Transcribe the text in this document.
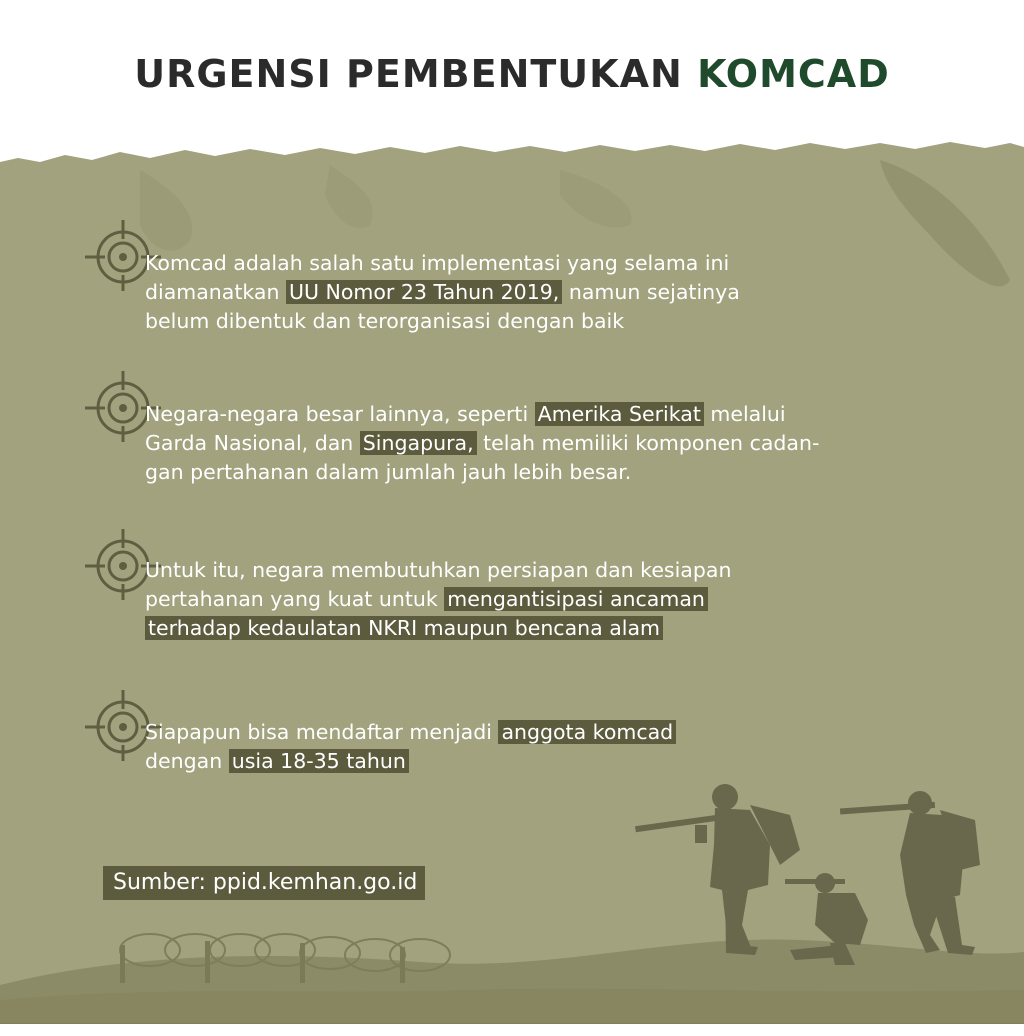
URGENSI PEMBENTUKAN KOMCAD
Komcad adalah salah satu implementasi yang selama ini
diamanatkan UU Nomor 23 Tahun 2019, namun sejatinya
belum dibentuk dan terorganisasi dengan baik
Negara-negara besar lainnya, seperti Amerika Serikat melalui
Garda Nasional, dan Singapura, telah memiliki komponen cadan-
gan pertahanan dalam jumlah jauh lebih besar.
Untuk itu, negara membutuhkan persiapan dan kesiapan
pertahanan yang kuat untuk mengantisipasi ancaman
terhadap kedaulatan NKRI maupun bencana alam
Siapapun bisa mendaftar menjadi anggota komcad
dengan usia 18-35 tahun
Sumber: ppid.kemhan.go.id
